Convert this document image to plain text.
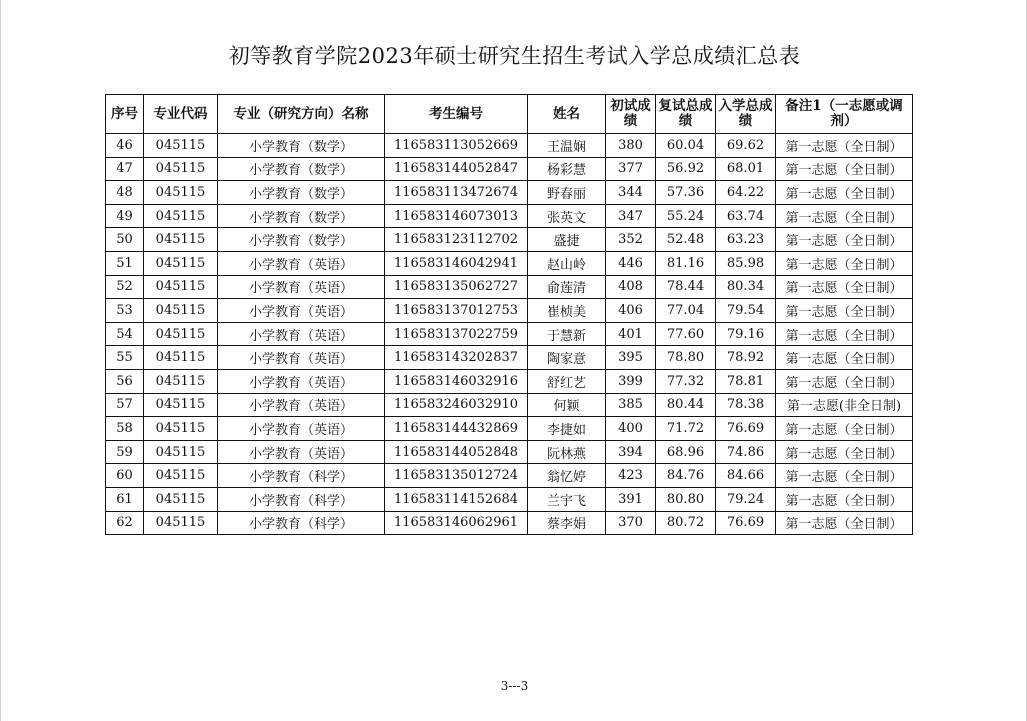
初等教育学院2023年硕士研究生招生考试入学总成绩汇总表
序号	专业代码	专业（研究方向）名称	考生编号	姓名	初试成绩	复试总成绩	入学总成绩	备注1（一志愿或调剂）
46	045115	小学教育（数学）	116583113052669	王温娴	380	60.04	69.62	第一志愿（全日制）
47	045115	小学教育（数学）	116583144052847	杨彩慧	377	56.92	68.01	第一志愿（全日制）
48	045115	小学教育（数学）	116583113472674	野春丽	344	57.36	64.22	第一志愿（全日制）
49	045115	小学教育（数学）	116583146073013	张英文	347	55.24	63.74	第一志愿（全日制）
50	045115	小学教育（数学）	116583123112702	盛捷	352	52.48	63.23	第一志愿（全日制）
51	045115	小学教育（英语）	116583146042941	赵山岭	446	81.16	85.98	第一志愿（全日制）
52	045115	小学教育（英语）	116583135062727	俞莲清	408	78.44	80.34	第一志愿（全日制）
53	045115	小学教育（英语）	116583137012753	崔桢美	406	77.04	79.54	第一志愿（全日制）
54	045115	小学教育（英语）	116583137022759	于慧新	401	77.60	79.16	第一志愿（全日制）
55	045115	小学教育（英语）	116583143202837	陶家意	395	78.80	78.92	第一志愿（全日制）
56	045115	小学教育（英语）	116583146032916	舒红艺	399	77.32	78.81	第一志愿（全日制）
57	045115	小学教育（英语）	116583246032910	何颖	385	80.44	78.38	第一志愿(非全日制)
58	045115	小学教育（英语）	116583144432869	李捷如	400	71.72	76.69	第一志愿（全日制）
59	045115	小学教育（英语）	116583144052848	阮林燕	394	68.96	74.86	第一志愿（全日制）
60	045115	小学教育（科学）	116583135012724	翁忆婷	423	84.76	84.66	第一志愿（全日制）
61	045115	小学教育（科学）	116583114152684	兰宇飞	391	80.80	79.24	第一志愿（全日制）
62	045115	小学教育（科学）	116583146062961	蔡李娟	370	80.72	76.69	第一志愿（全日制）
3---3
